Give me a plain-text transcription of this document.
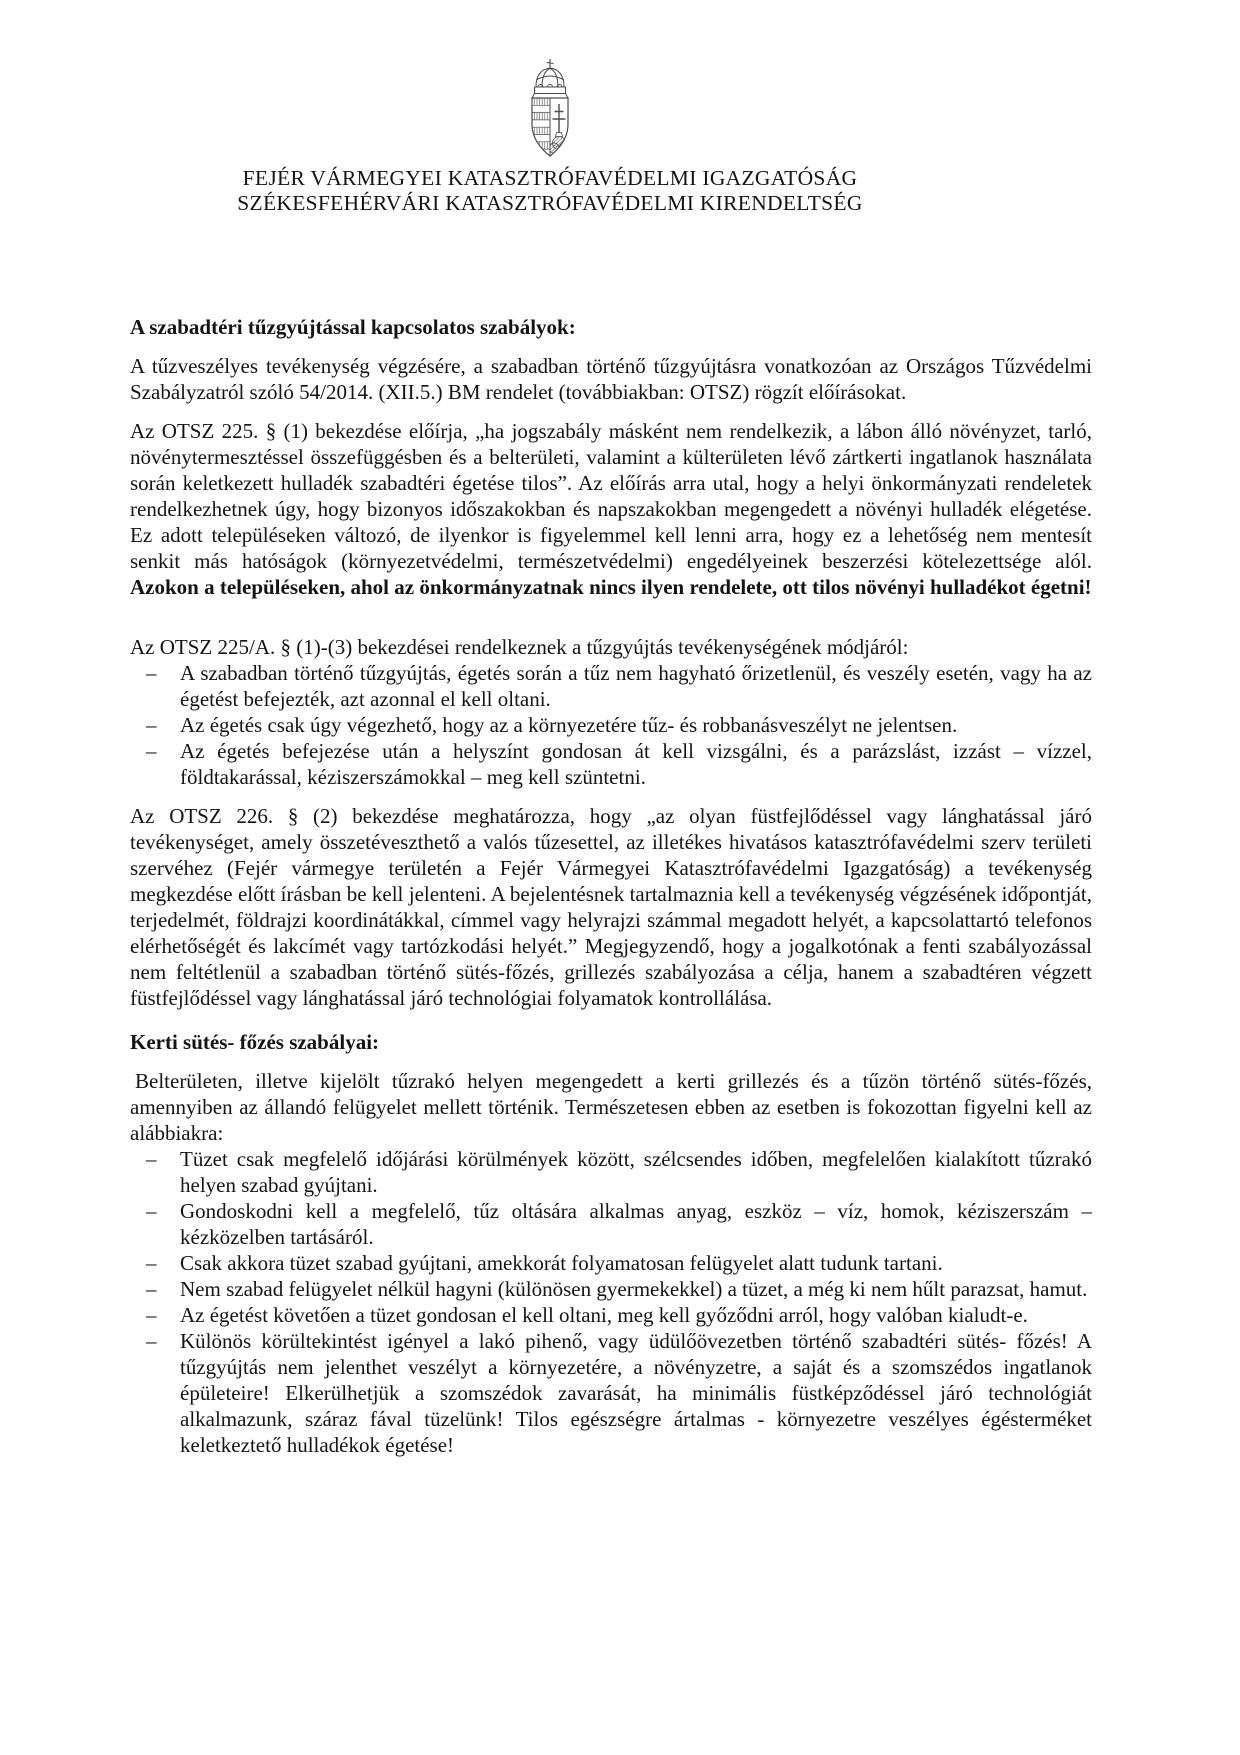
FEJÉR VÁRMEGYEI KATASZTRÓFAVÉDELMI IGAZGATÓSÁG
SZÉKESFEHÉRVÁRI KATASZTRÓFAVÉDELMI KIRENDELTSÉG
A szabadtéri tűzgyújtással kapcsolatos szabályok:

A tűzveszélyes tevékenység végzésére, a szabadban történő tűzgyújtásra vonatkozóan az Országos Tűzvédelmi Szabályzatról szóló 54/2014. (XII.5.) BM rendelet (továbbiakban: OTSZ) rögzít előírásokat.

Az OTSZ 225. § (1) bekezdése előírja, „ha jogszabály másként nem rendelkezik, a lábon álló növényzet, tarló, növénytermesztéssel összefüggésben és a belterületi, valamint a külterületen lévő zártkerti ingatlanok használata során keletkezett hulladék szabadtéri égetése tilos”. Az előírás arra utal, hogy a helyi önkormányzati rendeletek rendelkezhetnek úgy, hogy bizonyos időszakokban és napszakokban megengedett a növényi hulladék elégetése. Ez adott településeken változó, de ilyenkor is figyelemmel kell lenni arra, hogy ez a lehetőség nem mentesít senkit más hatóságok (környezetvédelmi, természetvédelmi) engedélyeinek beszerzési kötelezettsége alól. Azokon a településeken, ahol az önkormányzatnak nincs ilyen rendelete, ott tilos növényi hulladékot égetni!

Az OTSZ 225/A. § (1)-(3) bekezdései rendelkeznek a tűzgyújtás tevékenységének módjáról:

–	A szabadban történő tűzgyújtás, égetés során a tűz nem hagyható őrizetlenül, és veszély esetén, vagy ha az égetést befejezték, azt azonnal el kell oltani.
–	Az égetés csak úgy végezhető, hogy az a környezetére tűz- és robbanásveszélyt ne jelentsen.
–	Az égetés befejezése után a helyszínt gondosan át kell vizsgálni, és a parázslást, izzást – vízzel, földtakarással, kéziszerszámokkal – meg kell szüntetni.

Az OTSZ 226. § (2) bekezdése meghatározza, hogy „az olyan füstfejlődéssel vagy lánghatással járó tevékenységet, amely összetéveszthető a valós tűzesettel, az illetékes hivatásos katasztrófavédelmi szerv területi szervéhez (Fejér vármegye területén a Fejér Vármegyei Katasztrófavédelmi Igazgatóság) a tevékenység megkezdése előtt írásban be kell jelenteni. A bejelentésnek tartalmaznia kell a tevékenység végzésének időpontját, terjedelmét, földrajzi koordinátákkal, címmel vagy helyrajzi számmal megadott helyét, a kapcsolattartó telefonos elérhetőségét és lakcímét vagy tartózkodási helyét.” Megjegyzendő, hogy a jogalkotónak a fenti szabályozással nem feltétlenül a szabadban történő sütés-főzés, grillezés szabályozása a célja, hanem a szabadtéren végzett füstfejlődéssel vagy lánghatással járó technológiai folyamatok kontrollálása.

Kerti sütés- főzés szabályai:

Belterületen, illetve kijelölt tűzrakó helyen megengedett a kerti grillezés és a tűzön történő sütés-főzés, amennyiben az állandó felügyelet mellett történik. Természetesen ebben az esetben is fokozottan figyelni kell az alábbiakra:

–	Tüzet csak megfelelő időjárási körülmények között, szélcsendes időben, megfelelően kialakított tűzrakó helyen szabad gyújtani.
–	Gondoskodni kell a megfelelő, tűz oltására alkalmas anyag, eszköz – víz, homok, kéziszerszám – kézközelben tartásáról.
–	Csak akkora tüzet szabad gyújtani, amekkorát folyamatosan felügyelet alatt tudunk tartani.
–	Nem szabad felügyelet nélkül hagyni (különösen gyermekekkel) a tüzet, a még ki nem hűlt parazsat, hamut.
–	Az égetést követően a tüzet gondosan el kell oltani, meg kell győződni arról, hogy valóban kialudt-e.
–	Különös körültekintést igényel a lakó pihenő, vagy üdülőövezetben történő szabadtéri sütés- főzés! A tűzgyújtás nem jelenthet veszélyt a környezetére, a növényzetre, a saját és a szomszédos ingatlanok épületeire! Elkerülhetjük a szomszédok zavarását, ha minimális füstképződéssel járó technológiát alkalmazunk, száraz fával tüzelünk! Tilos egészségre ártalmas - környezetre veszélyes égésterméket keletkeztető hulladékok égetése!
